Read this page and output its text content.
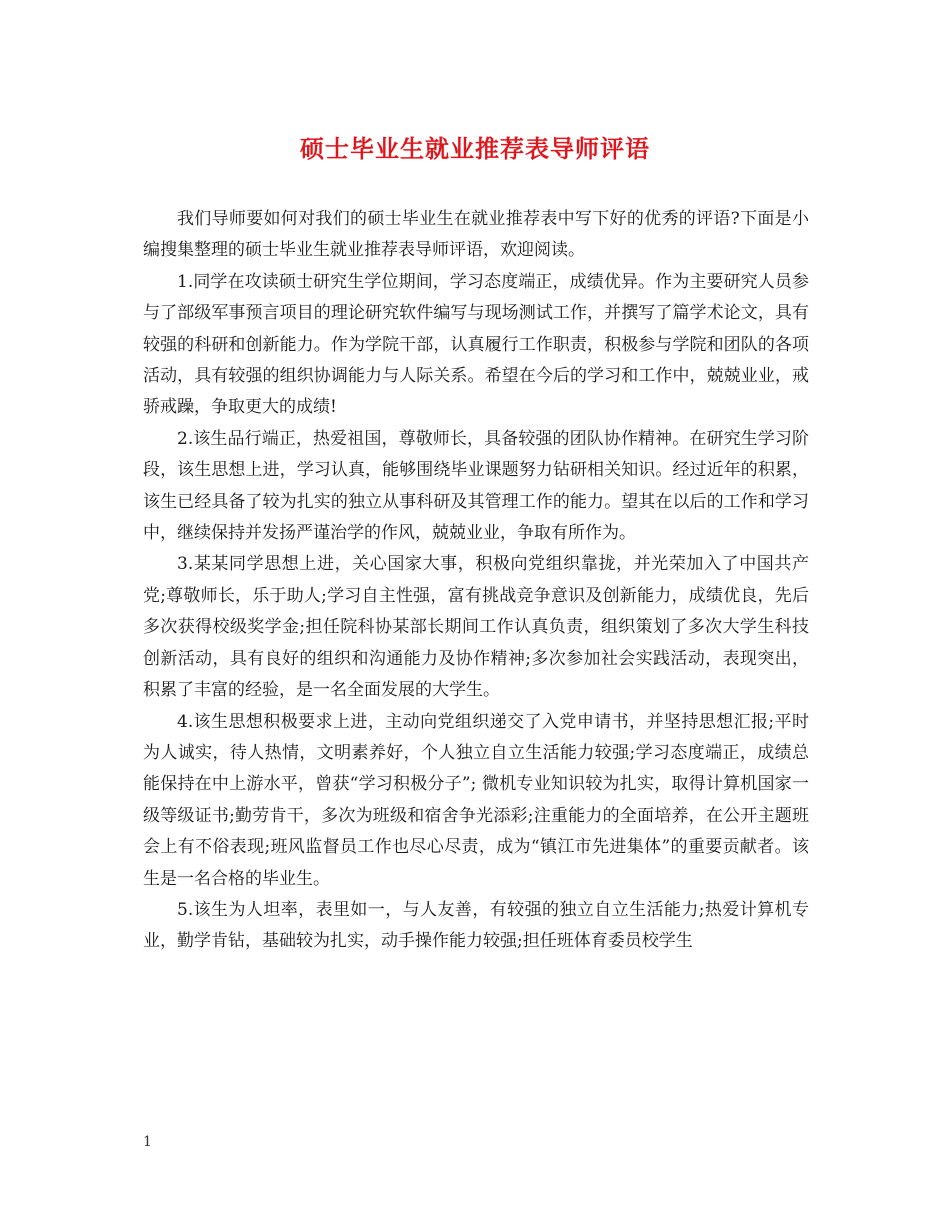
硕士毕业生就业推荐表导师评语

我们导师要如何对我们的硕士毕业生在就业推荐表中写下好的优秀的评语?下面是小编搜集整理的硕士毕业生就业推荐表导师评语，欢迎阅读。

1.同学在攻读硕士研究生学位期间，学习态度端正，成绩优异。作为主要研究人员参与了部级军事预言项目的理论研究软件编写与现场测试工作，并撰写了篇学术论文，具有较强的科研和创新能力。作为学院干部，认真履行工作职责，积极参与学院和团队的各项活动，具有较强的组织协调能力与人际关系。希望在今后的学习和工作中，兢兢业业，戒骄戒躁，争取更大的成绩!

2.该生品行端正，热爱祖国，尊敬师长，具备较强的团队协作精神。在研究生学习阶段，该生思想上进，学习认真，能够围绕毕业课题努力钻研相关知识。经过近年的积累，该生已经具备了较为扎实的独立从事科研及其管理工作的能力。望其在以后的工作和学习中，继续保持并发扬严谨治学的作风，兢兢业业，争取有所作为。

3.某某同学思想上进，关心国家大事，积极向党组织靠拢，并光荣加入了中国共产党;尊敬师长，乐于助人;学习自主性强，富有挑战竞争意识及创新能力，成绩优良，先后多次获得校级奖学金;担任院科协某部长期间工作认真负责，组织策划了多次大学生科技创新活动，具有良好的组织和沟通能力及协作精神;多次参加社会实践活动，表现突出，积累了丰富的经验，是一名全面发展的大学生。

4.该生思想积极要求上进，主动向党组织递交了入党申请书，并坚持思想汇报;平时为人诚实，待人热情，文明素养好，个人独立自立生活能力较强;学习态度端正，成绩总能保持在中上游水平，曾获“学习积极分子”; 微机专业知识较为扎实，取得计算机国家一级等级证书;勤劳肯干，多次为班级和宿舍争光添彩;注重能力的全面培养，在公开主题班会上有不俗表现;班风监督员工作也尽心尽责，成为“镇江市先进集体”的重要贡献者。该生是一名合格的毕业生。

5.该生为人坦率，表里如一，与人友善，有较强的独立自立生活能力;热爱计算机专业，勤学肯钻，基础较为扎实，动手操作能力较强;担任班体育委员校学生

1
